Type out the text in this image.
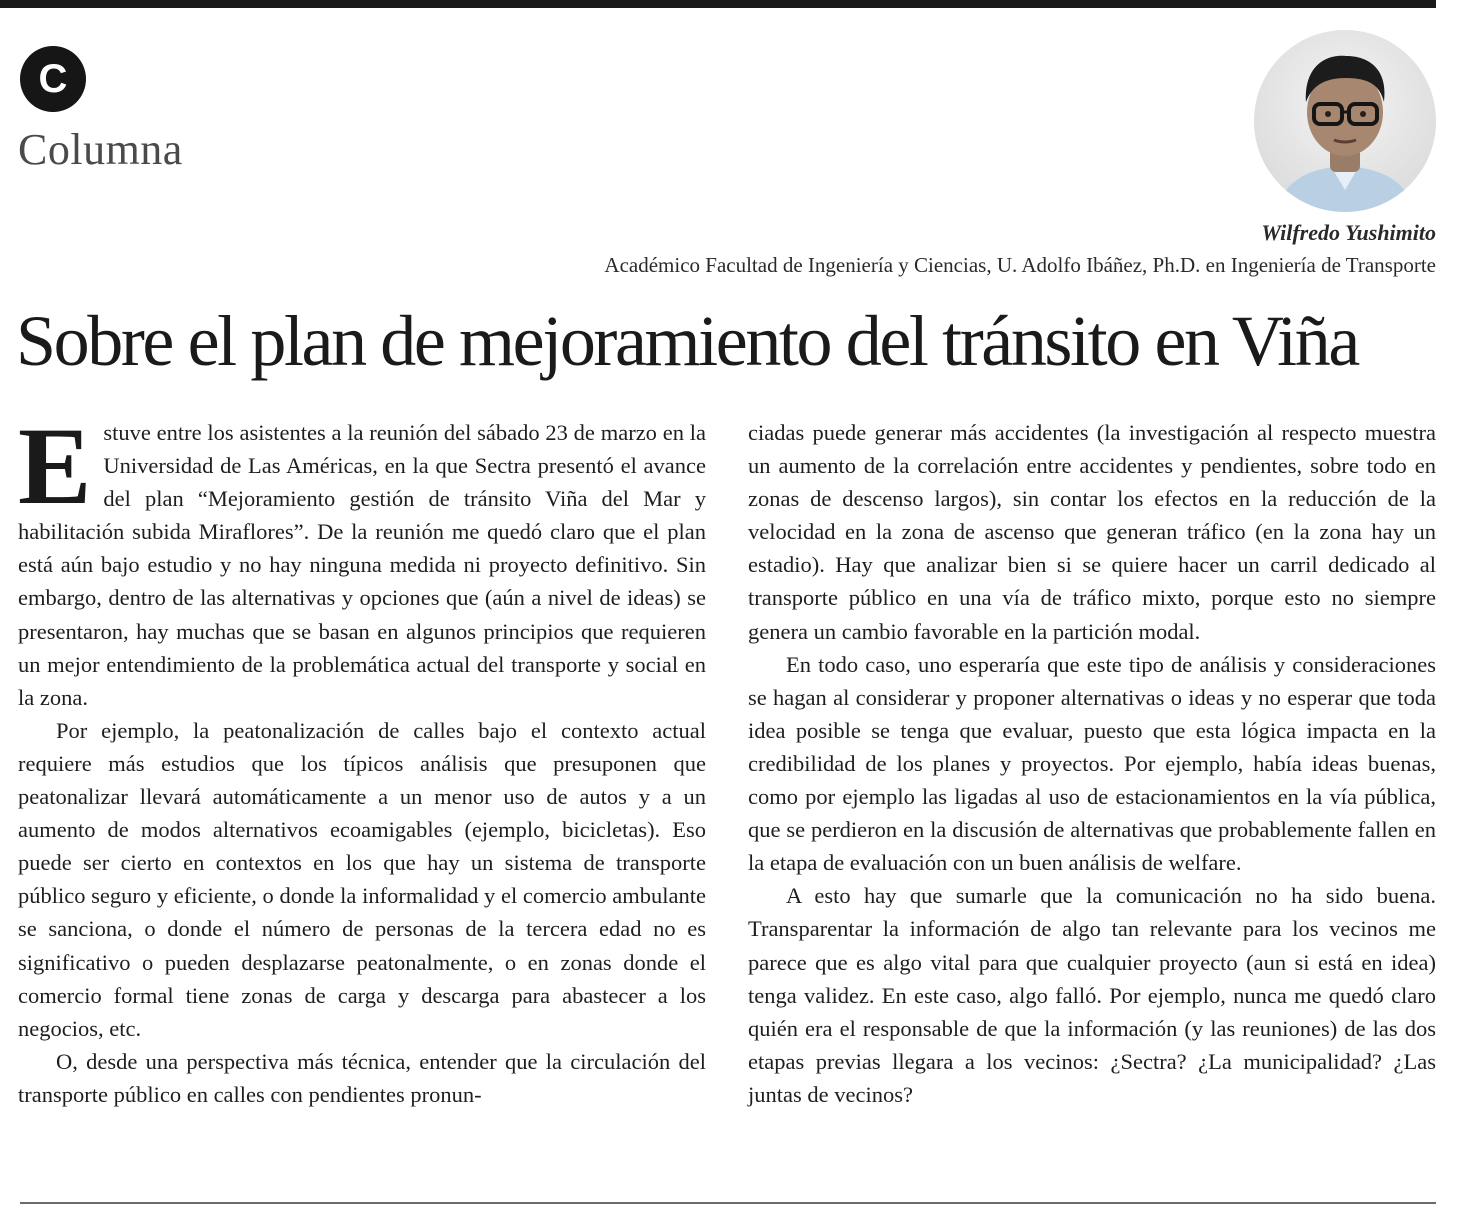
C
Columna
Wilfredo Yushimito
Académico Facultad de Ingeniería y Ciencias, U. Adolfo Ibáñez, Ph.D. en Ingeniería de Transporte
Sobre el plan de mejoramiento del tránsito en Viña

Estuve entre los asistentes a la reunión del sábado 23 de marzo en la Universidad de Las Américas, en la que Sectra presentó el avance del plan “Mejoramiento gestión de tránsito Viña del Mar y habilitación subida Miraflores”. De la reunión me quedó claro que el plan está aún bajo estudio y no hay ninguna medida ni proyecto definitivo. Sin embargo, dentro de las alternativas y opciones que (aún a nivel de ideas) se presentaron, hay muchas que se basan en algunos principios que requieren un mejor entendimiento de la problemática actual del transporte y social en la zona.

Por ejemplo, la peatonalización de calles bajo el contexto actual requiere más estudios que los típicos análisis que presuponen que peatonalizar llevará automáticamente a un menor uso de autos y a un aumento de modos alternativos ecoamigables (ejemplo, bicicletas). Eso puede ser cierto en contextos en los que hay un sistema de transporte público seguro y eficiente, o donde la informalidad y el comercio ambulante se sanciona, o donde el número de personas de la tercera edad no es significativo o pueden desplazarse peatonalmente, o en zonas donde el comercio formal tiene zonas de carga y descarga para abastecer a los negocios, etc.

O, desde una perspectiva más técnica, entender que la circulación del transporte público en calles con pendientes pronun-

ciadas puede generar más accidentes (la investigación al respecto muestra un aumento de la correlación entre accidentes y pendientes, sobre todo en zonas de descenso largos), sin contar los efectos en la reducción de la velocidad en la zona de ascenso que generan tráfico (en la zona hay un estadio). Hay que analizar bien si se quiere hacer un carril dedicado al transporte público en una vía de tráfico mixto, porque esto no siempre genera un cambio favorable en la partición modal.

En todo caso, uno esperaría que este tipo de análisis y consideraciones se hagan al considerar y proponer alternativas o ideas y no esperar que toda idea posible se tenga que evaluar, puesto que esta lógica impacta en la credibilidad de los planes y proyectos. Por ejemplo, había ideas buenas, como por ejemplo las ligadas al uso de estacionamientos en la vía pública, que se perdieron en la discusión de alternativas que probablemente fallen en la etapa de evaluación con un buen análisis de welfare.

A esto hay que sumarle que la comunicación no ha sido buena. Transparentar la información de algo tan relevante para los vecinos me parece que es algo vital para que cualquier proyecto (aun si está en idea) tenga validez. En este caso, algo falló. Por ejemplo, nunca me quedó claro quién era el responsable de que la información (y las reuniones) de las dos etapas previas llegara a los vecinos: ¿Sectra? ¿La municipalidad? ¿Las juntas de vecinos?
